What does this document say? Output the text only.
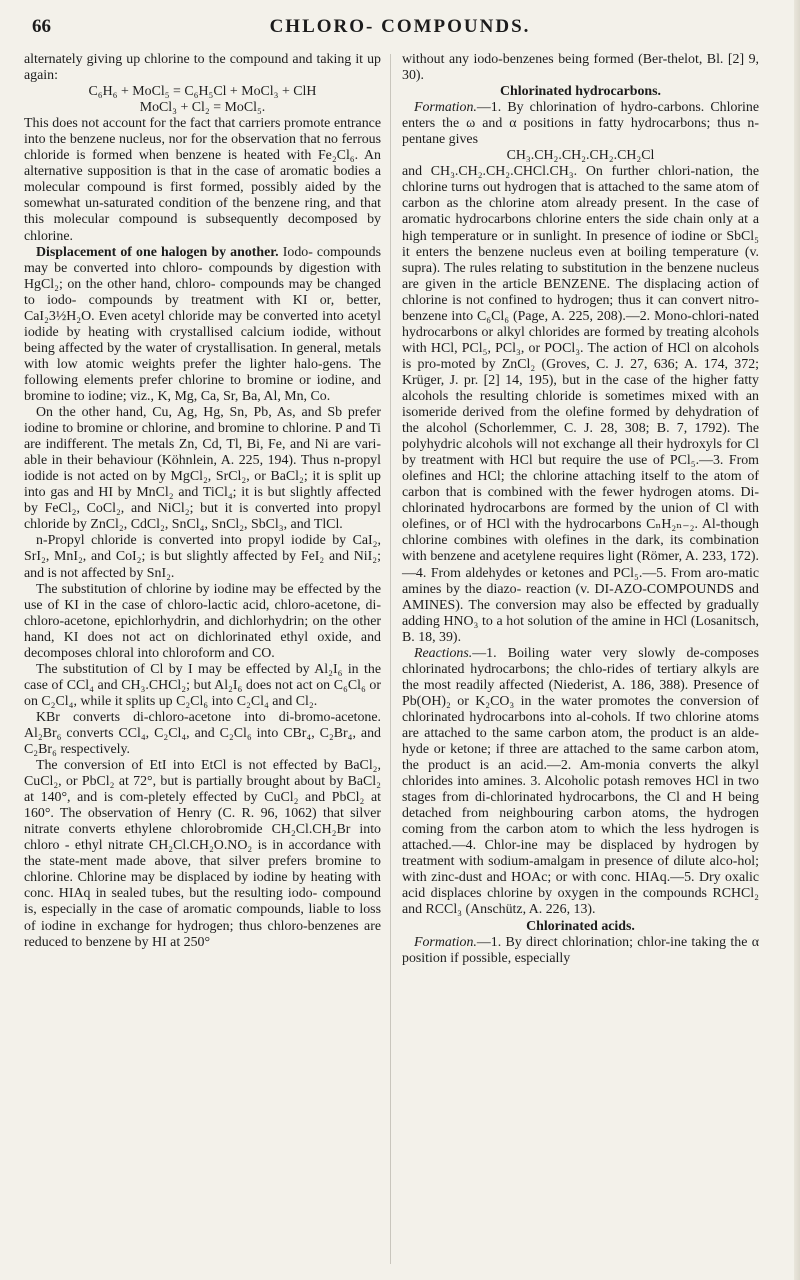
66	CHLORO- COMPOUNDS.

alternately giving up chlorine to the compound and taking it up again:

C₆H₆ + MoCl₅ = C₆H₅Cl + MoCl₃ + ClH

MoCl₃ + Cl₂ = MoCl₅.

This does not account for the fact that carriers promote entrance into the benzene nucleus, nor for the observation that no ferrous chloride is formed when benzene is heated with Fe₂Cl₆. An alternative supposition is that in the case of aromatic bodies a molecular compound is first formed, possibly aided by the somewhat un-saturated condition of the benzene ring, and that this molecular compound is subsequently decomposed by chlorine.

Displacement of one halogen by another. Iodo- compounds may be converted into chloro- compounds by digestion with HgCl₂; on the other hand, chloro- compounds may be changed to iodo- compounds by treatment with KI or, better, CaI₂3½H₂O. Even acetyl chloride may be converted into acetyl iodide by heating with crystallised calcium iodide, without being affected by the water of crystallisation. In general, metals with low atomic weights prefer the lighter halo-gens. The following elements prefer chlorine to bromine or iodine, and bromine to iodine; viz., K, Mg, Ca, Sr, Ba, Al, Mn, Co.

On the other hand, Cu, Ag, Hg, Sn, Pb, As, and Sb prefer iodine to bromine or chlorine, and bromine to chlorine. P and Ti are indifferent. The metals Zn, Cd, Tl, Bi, Fe, and Ni are vari-able in their behaviour (Köhnlein, A. 225, 194). Thus n-propyl iodide is not acted on by MgCl₂, SrCl₂, or BaCl₂; it is split up into gas and HI by MnCl₂ and TiCl₄; it is but slightly affected by FeCl₂, CoCl₂, and NiCl₂; but it is converted into propyl chloride by ZnCl₂, CdCl₂, SnCl₄, SnCl₂, SbCl₃, and TlCl.

n-Propyl chloride is converted into propyl iodide by CaI₂, SrI₂, MnI₂, and CoI₂; is but slightly affected by FeI₂ and NiI₂; and is not affected by SnI₂.

The substitution of chlorine by iodine may be effected by the use of KI in the case of chloro-lactic acid, chloro-acetone, di-chloro-acetone, epichlorhydrin, and dichlorhydrin; on the other hand, KI does not act on dichlorinated ethyl oxide, and decomposes chloral into chloroform and CO.

The substitution of Cl by I may be effected by Al₂I₆ in the case of CCl₄ and CH₃.CHCl₂; but Al₂I₆ does not act on C₆Cl₆ or on C₂Cl₄, while it splits up C₂Cl₆ into C₂Cl₄ and Cl₂.

KBr converts di-chloro-acetone into di-bromo-acetone. Al₂Br₆ converts CCl₄, C₂Cl₄, and C₂Cl₆ into CBr₄, C₂Br₄, and C₂Br₆ respectively.

The conversion of EtI into EtCl is not effected by BaCl₂, CuCl₂, or PbCl₂ at 72°, but is partially brought about by BaCl₂ at 140°, and is com-pletely effected by CuCl₂ and PbCl₂ at 160°. The observation of Henry (C. R. 96, 1062) that silver nitrate converts ethylene chlorobromide CH₂Cl.CH₂Br into chloro - ethyl nitrate CH₂Cl.CH₂O.NO₂ is in accordance with the state-ment made above, that silver prefers bromine to chlorine. Chlorine may be displaced by iodine by heating with conc. HIAq in sealed tubes, but the resulting iodo- compound is, especially in the case of aromatic compounds, liable to loss of iodine in exchange for hydrogen; thus chloro-benzenes are reduced to benzene by HI at 250°

without any iodo-benzenes being formed (Ber-thelot, Bl. [2] 9, 30).

Chlorinated hydrocarbons.

Formation.—1. By chlorination of hydro-carbons. Chlorine enters the ω and α positions in fatty hydrocarbons; thus n-pentane gives

CH₃.CH₂.CH₂.CH₂.CH₂Cl

and CH₃.CH₂.CH₂.CHCl.CH₃. On further chlori-nation, the chlorine turns out hydrogen that is attached to the same atom of carbon as the chlorine atom already present. In the case of aromatic hydrocarbons chlorine enters the side chain only at a high temperature or in sunlight. In presence of iodine or SbCl₅ it enters the benzene nucleus even at boiling temperature (v. supra). The rules relating to substitution in the benzene nucleus are given in the article BENZENE. The displacing action of chlorine is not confined to hydrogen; thus it can convert nitro-benzene into C₆Cl₆ (Page, A. 225, 208).—2. Mono-chlori-nated hydrocarbons or alkyl chlorides are formed by treating alcohols with HCl, PCl₅, PCl₃, or POCl₃. The action of HCl on alcohols is pro-moted by ZnCl₂ (Groves, C. J. 27, 636; A. 174, 372; Krüger, J. pr. [2] 14, 195), but in the case of the higher fatty alcohols the resulting chloride is sometimes mixed with an isomeride derived from the olefine formed by dehydration of the alcohol (Schorlemmer, C. J. 28, 308; B. 7, 1792). The polyhydric alcohols will not exchange all their hydroxyls for Cl by treatment with HCl but require the use of PCl₅.—3. From olefines and HCl; the chlorine attaching itself to the atom of carbon that is combined with the fewer hydrogen atoms. Di-chlorinated hydrocarbons are formed by the union of Cl with olefines, or of HCl with the hydrocarbons CₙH₂ₙ₋₂. Al-though chlorine combines with olefines in the dark, its combination with benzene and acetylene requires light (Römer, A. 233, 172).—4. From aldehydes or ketones and PCl₅.—5. From aro-matic amines by the diazo- reaction (v. DI-AZO-COMPOUNDS and AMINES). The conversion may also be effected by gradually adding HNO₃ to a hot solution of the amine in HCl (Losanitsch, B. 18, 39).

Reactions.—1. Boiling water very slowly de-composes chlorinated hydrocarbons; the chlo-rides of tertiary alkyls are the most readily affected (Niederist, A. 186, 388). Presence of Pb(OH)₂ or K₂CO₃ in the water promotes the conversion of chlorinated hydrocarbons into al-cohols. If two chlorine atoms are attached to the same carbon atom, the product is an alde-hyde or ketone; if three are attached to the same carbon atom, the product is an acid.—2. Am-monia converts the alkyl chlorides into amines. 3. Alcoholic potash removes HCl in two stages from di-chlorinated hydrocarbons, the Cl and H being detached from neighbouring carbon atoms, the hydrogen coming from the carbon atom to which the less hydrogen is attached.—4. Chlor-ine may be displaced by hydrogen by treatment with sodium-amalgam in presence of dilute alco-hol; with zinc-dust and HOAc; or with conc. HIAq.—5. Dry oxalic acid displaces chlorine by oxygen in the compounds RCHCl₂ and RCCl₃ (Anschütz, A. 226, 13).

Chlorinated acids.

Formation.—1. By direct chlorination; chlor-ine taking the α position if possible, especially
